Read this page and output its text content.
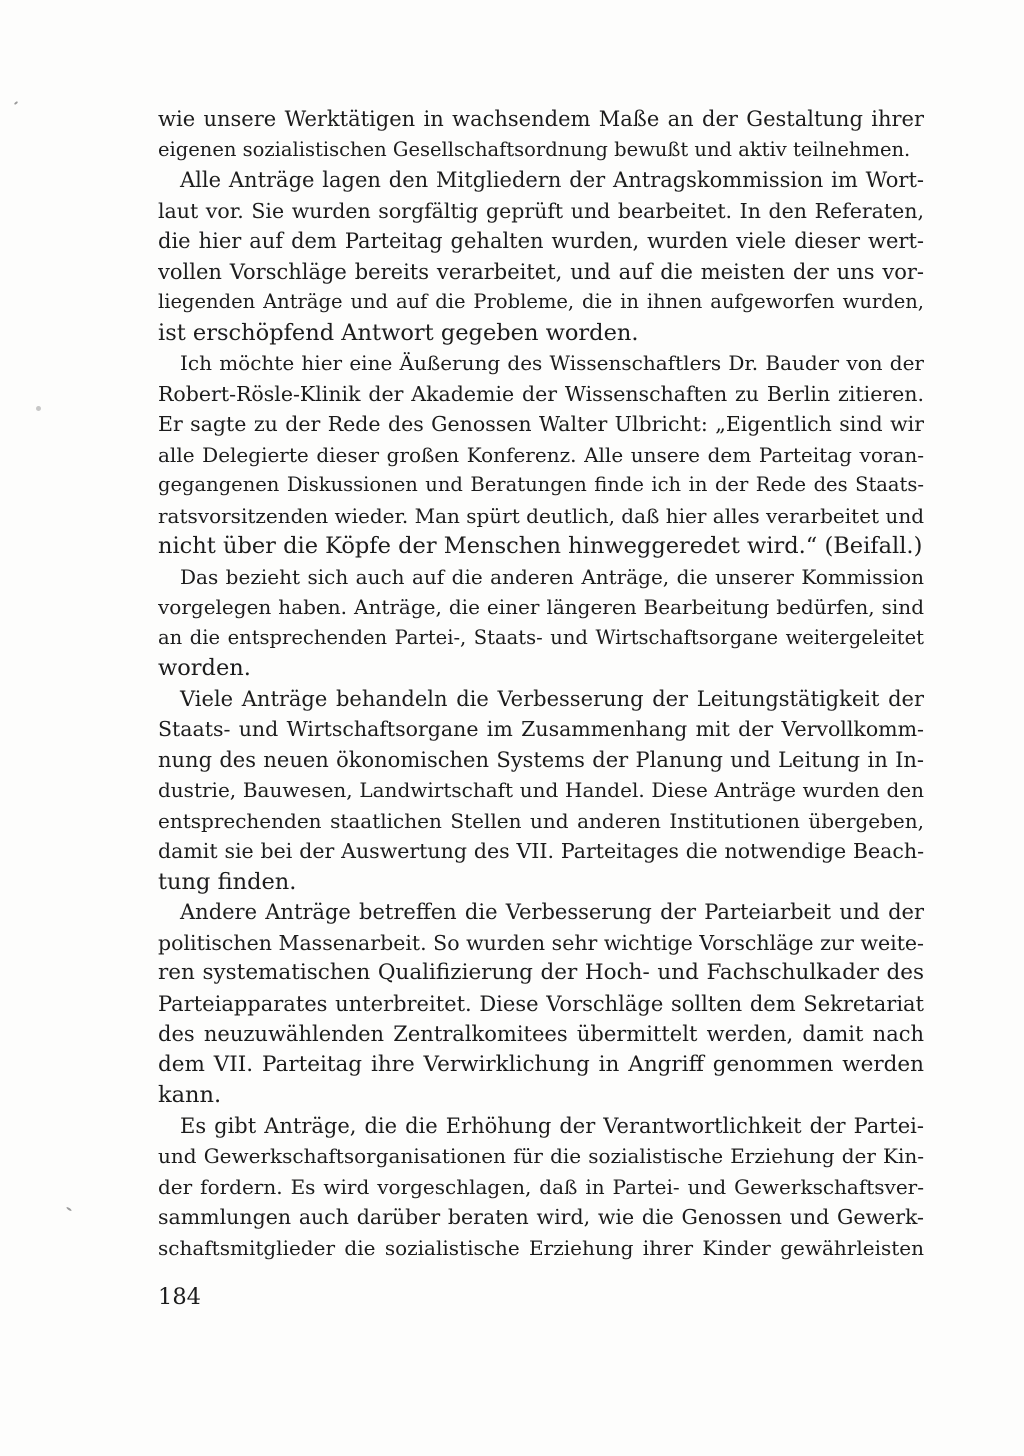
wie unsere Werktätigen in wachsendem Maße an der Gestaltung ihrer
eigenen sozialistischen Gesellschaftsordnung bewußt und aktiv teilnehmen.
Alle Anträge lagen den Mitgliedern der Antragskommission im Wort-
laut vor. Sie wurden sorgfältig geprüft und bearbeitet. In den Referaten,
die hier auf dem Parteitag gehalten wurden, wurden viele dieser wert-
vollen Vorschläge bereits verarbeitet, und auf die meisten der uns vor-
liegenden Anträge und auf die Probleme, die in ihnen aufgeworfen wurden,
ist erschöpfend Antwort gegeben worden.
Ich möchte hier eine Äußerung des Wissenschaftlers Dr. Bauder von der
Robert-Rösle-Klinik der Akademie der Wissenschaften zu Berlin zitieren.
Er sagte zu der Rede des Genossen Walter Ulbricht: „Eigentlich sind wir
alle Delegierte dieser großen Konferenz. Alle unsere dem Parteitag voran-
gegangenen Diskussionen und Beratungen finde ich in der Rede des Staats-
ratsvorsitzenden wieder. Man spürt deutlich, daß hier alles verarbeitet und
nicht über die Köpfe der Menschen hinweggeredet wird.“ (Beifall.)
Das bezieht sich auch auf die anderen Anträge, die unserer Kommission
vorgelegen haben. Anträge, die einer längeren Bearbeitung bedürfen, sind
an die entsprechenden Partei-, Staats- und Wirtschaftsorgane weitergeleitet
worden.
Viele Anträge behandeln die Verbesserung der Leitungstätigkeit der
Staats- und Wirtschaftsorgane im Zusammenhang mit der Vervollkomm-
nung des neuen ökonomischen Systems der Planung und Leitung in In-
dustrie, Bauwesen, Landwirtschaft und Handel. Diese Anträge wurden den
entsprechenden staatlichen Stellen und anderen Institutionen übergeben,
damit sie bei der Auswertung des VII. Parteitages die notwendige Beach-
tung finden.
Andere Anträge betreffen die Verbesserung der Parteiarbeit und der
politischen Massenarbeit. So wurden sehr wichtige Vorschläge zur weite-
ren systematischen Qualifizierung der Hoch- und Fachschulkader des
Parteiapparates unterbreitet. Diese Vorschläge sollten dem Sekretariat
des neuzuwählenden Zentralkomitees übermittelt werden, damit nach
dem VII. Parteitag ihre Verwirklichung in Angriff genommen werden
kann.
Es gibt Anträge, die die Erhöhung der Verantwortlichkeit der Partei-
und Gewerkschaftsorganisationen für die sozialistische Erziehung der Kin-
der fordern. Es wird vorgeschlagen, daß in Partei- und Gewerkschaftsver-
sammlungen auch darüber beraten wird, wie die Genossen und Gewerk-
schaftsmitglieder die sozialistische Erziehung ihrer Kinder gewährleisten
184
